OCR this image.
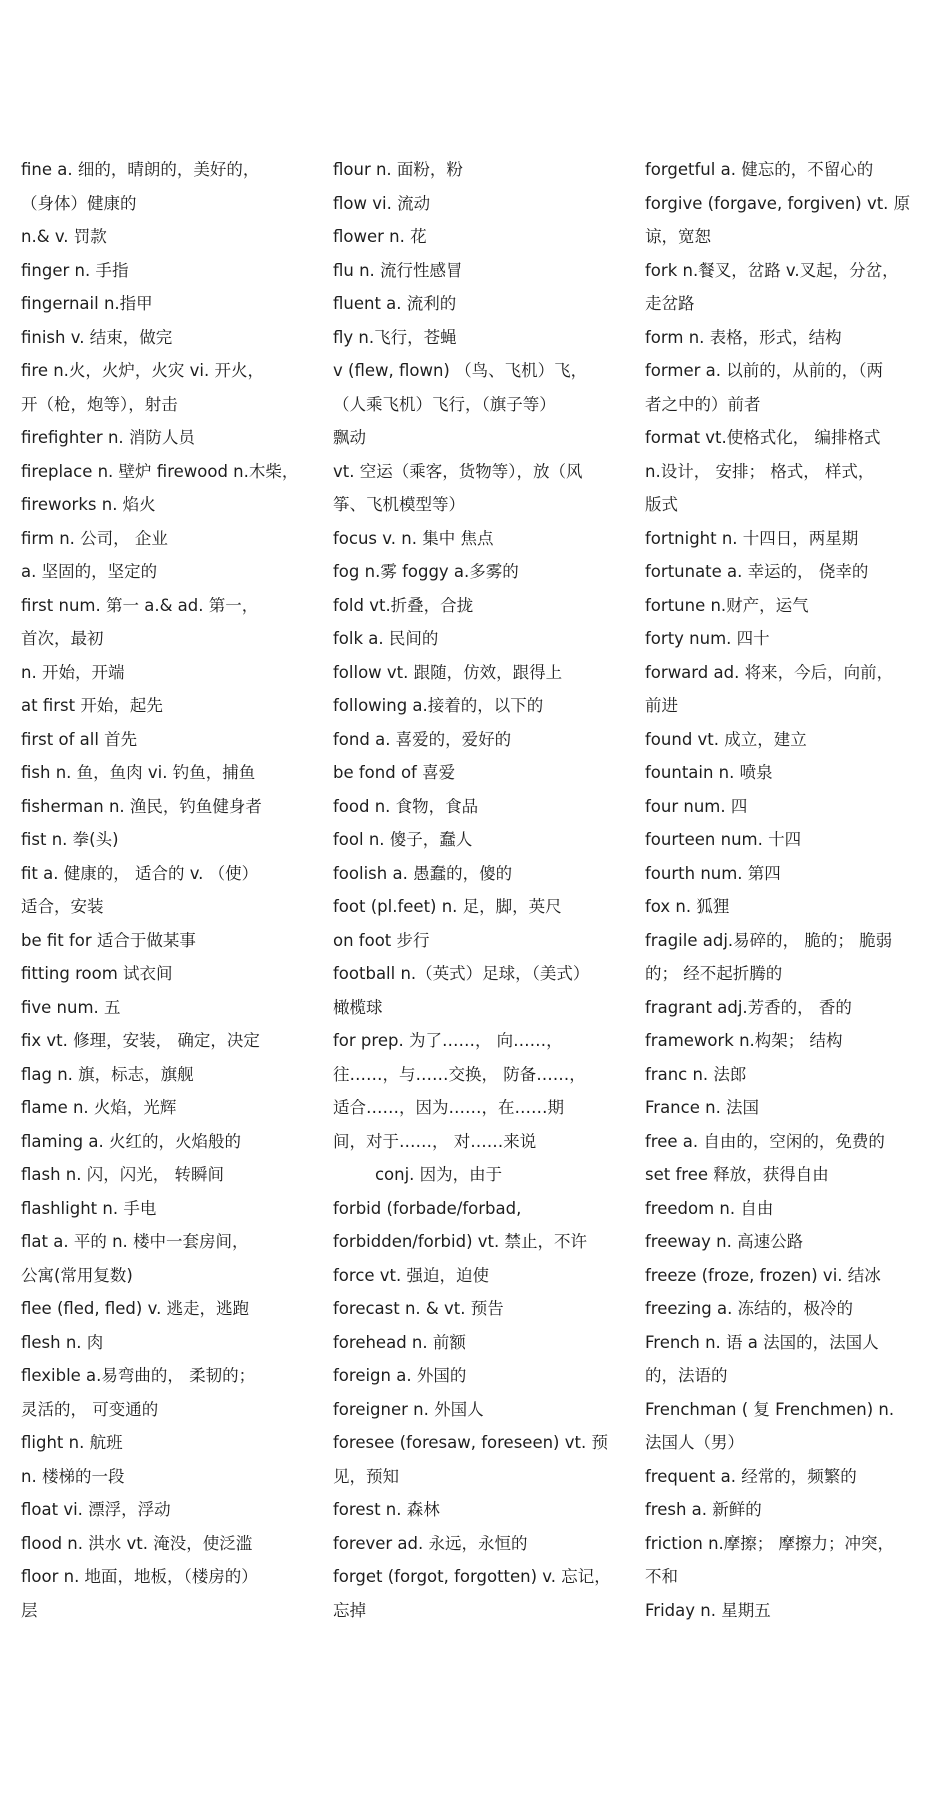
fine a. 细的，晴朗的，美好的，
（身体）健康的
n.& v. 罚款
finger n. 手指
fingernail n.指甲
finish v. 结束，做完
fire n.火，火炉，火灾 vi. 开火，
开（枪，炮等），射击
firefighter n. 消防人员
fireplace n. 壁炉 firewood n.木柴，
fireworks n. 焰火
firm n. 公司， 企业
a. 坚固的，坚定的
first num. 第一 a.& ad. 第一，
首次，最初
n. 开始，开端
at first 开始，起先
first of all 首先
fish n. 鱼，鱼肉 vi. 钓鱼，捕鱼
fisherman n. 渔民，钓鱼健身者
fist n. 拳(头)
fit a. 健康的， 适合的 v. （使）
适合，安装
be fit for 适合于做某事
fitting room 试衣间
five num. 五
fix vt. 修理，安装， 确定，决定
flag n. 旗，标志，旗舰
flame n. 火焰，光辉
flaming a. 火红的，火焰般的
flash n. 闪，闪光， 转瞬间
flashlight n. 手电
flat a. 平的 n. 楼中一套房间，
公寓(常用复数)
flee (fled, fled) v. 逃走，逃跑
flesh n. 肉
flexible a.易弯曲的， 柔韧的；
灵活的， 可变通的
flight n. 航班
n. 楼梯的一段
float vi. 漂浮，浮动
flood n. 洪水 vt. 淹没，使泛滥
floor n. 地面，地板，（楼房的）
层
flour n. 面粉，粉
flow vi. 流动
flower n. 花
flu n. 流行性感冒
fluent a. 流利的
fly n.飞行，苍蝇
v (flew, flown) （鸟、飞机）飞，
（人乘飞机）飞行，（旗子等）
飘动
vt. 空运（乘客，货物等），放（风
筝、飞机模型等）
focus v. n. 集中 焦点
fog n.雾 foggy a.多雾的
fold vt.折叠，合拢
folk a. 民间的
follow vt. 跟随，仿效，跟得上
following a.接着的，以下的
fond a. 喜爱的，爱好的
be fond of 喜爱
food n. 食物，食品
fool n. 傻子，蠢人
foolish a. 愚蠢的，傻的
foot (pl.feet) n. 足，脚，英尺
on foot 步行
football n.（英式）足球，（美式）
橄榄球
for prep. 为了……， 向……，
往……，与……交换， 防备……，
适合……，因为……，在……期
间，对于……， 对……来说
conj. 因为，由于
forbid (forbade/forbad,
forbidden/forbid) vt. 禁止，不许
force vt. 强迫，迫使
forecast n. & vt. 预告
forehead n. 前额
foreign a. 外国的
foreigner n. 外国人
foresee (foresaw, foreseen) vt. 预
见，预知
forest n. 森林
forever ad. 永远，永恒的
forget (forgot, forgotten) v. 忘记，
忘掉
forgetful a. 健忘的，不留心的
forgive (forgave, forgiven) vt. 原
谅，宽恕
fork n.餐叉，岔路 v.叉起，分岔，
走岔路
form n. 表格，形式，结构
former a. 以前的，从前的，（两
者之中的）前者
format vt.使格式化， 编排格式
n.设计， 安排； 格式， 样式，
版式
fortnight n. 十四日，两星期
fortunate a. 幸运的， 侥幸的
fortune n.财产，运气
forty num. 四十
forward ad. 将来，今后，向前，
前进
found vt. 成立，建立
fountain n. 喷泉
four num. 四
fourteen num. 十四
fourth num. 第四
fox n. 狐狸
fragile adj.易碎的， 脆的； 脆弱
的； 经不起折腾的
fragrant adj.芳香的， 香的
framework n.构架； 结构
franc n. 法郎
France n. 法国
free a. 自由的，空闲的，免费的
set free 释放，获得自由
freedom n. 自由
freeway n. 高速公路
freeze (froze, frozen) vi. 结冰
freezing a. 冻结的，极冷的
French n. 语 a 法国的，法国人
的，法语的
Frenchman ( 复 Frenchmen) n.
法国人（男）
frequent a. 经常的，频繁的
fresh a. 新鲜的
friction n.摩擦； 摩擦力；冲突，
不和
Friday n. 星期五
